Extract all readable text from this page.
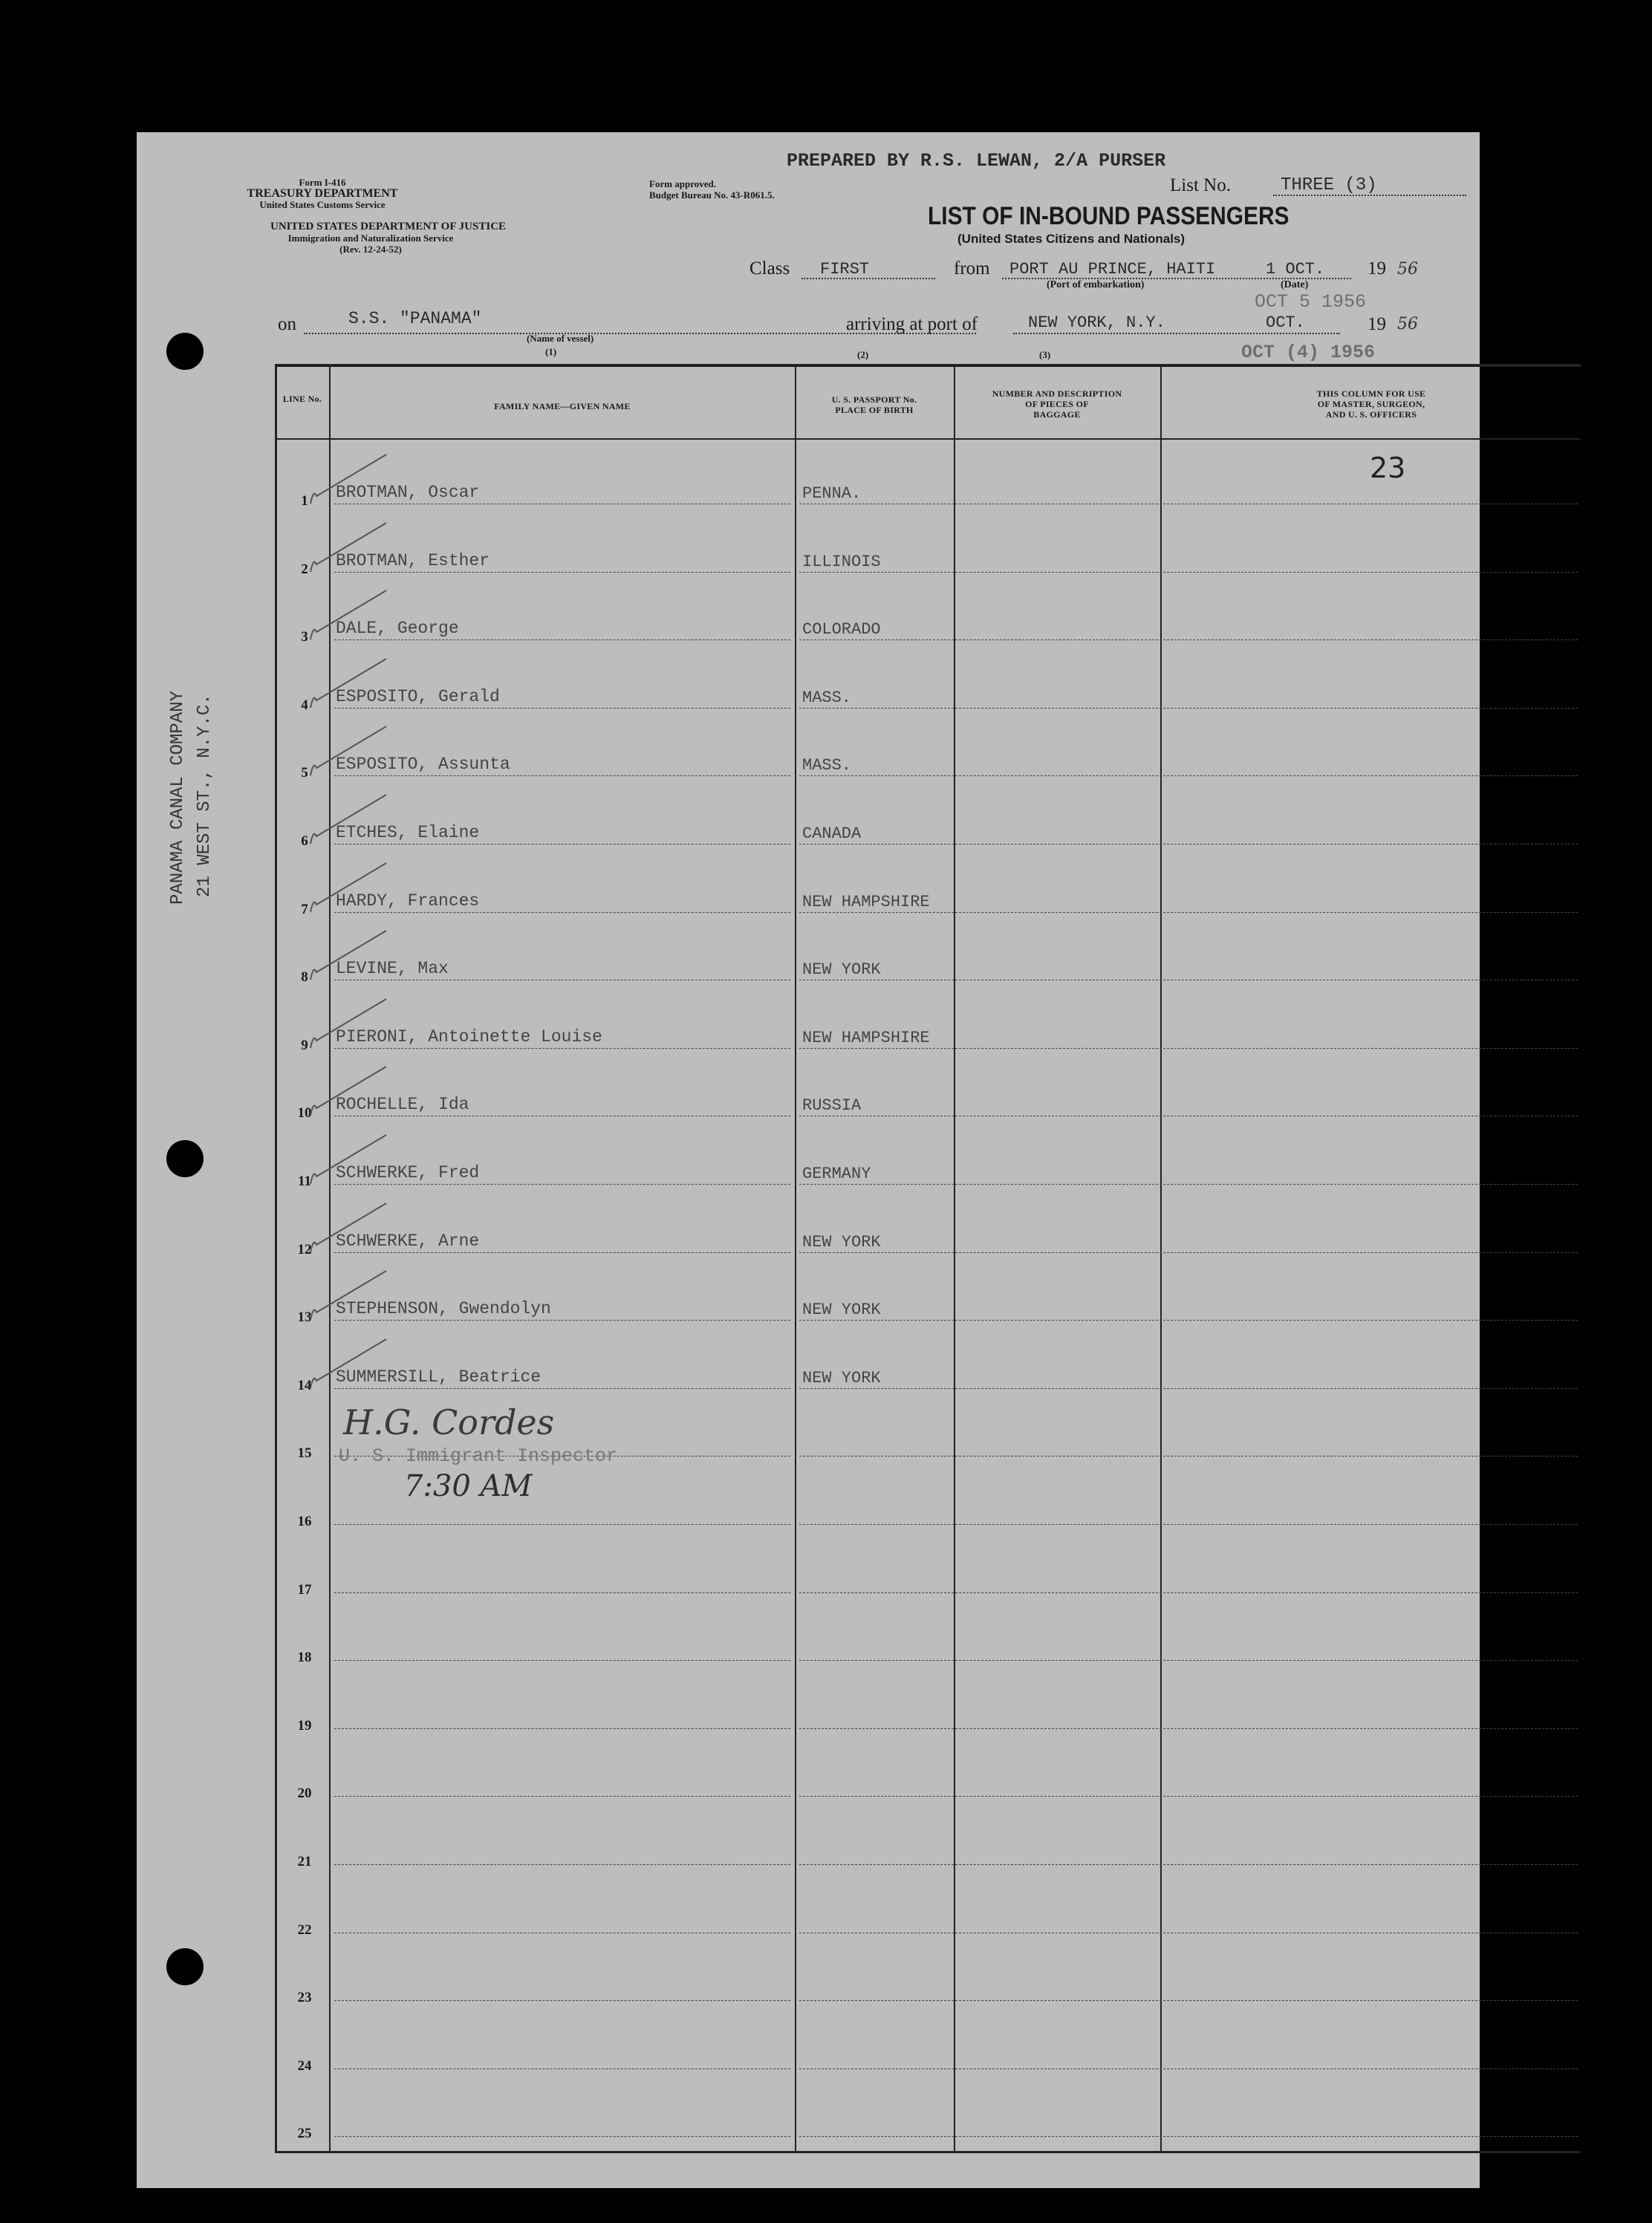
PANAMA CANAL COMPANY 21 WEST ST., N.Y.C.
PREPARED BY R.S. LEWAN, 2/A PURSER
Form I-416
TREASURY DEPARTMENT
United States Customs Service
UNITED STATES DEPARTMENT OF JUSTICE
Immigration and Naturalization Service
(Rev. 12-24-52)
Form approved.
Budget Bureau No. 43-R061.5.	List No.	THREE (3)
LIST OF IN-BOUND PASSENGERS
(United States Citizens and Nationals)
Class FIRST	from PORT AU PRINCE, HAITI
(Port of embarkation)
1 OCT.
(Date)
19 56
OCT 5 1956
on	S.S. "PANAMA"
(Name of vessel)
(1)
arriving at port of
(2)
NEW YORK, N.Y.
(3)
OCT.	19 56
OCT (4) 1956
LINE No.
FAMILY NAME—GIVEN NAME
U. S. PASSPORT No.
PLACE OF BIRTH
NUMBER AND DESCRIPTION
OF PIECES OF
BAGGAGE
THIS COLUMN FOR USE
OF MASTER, SURGEON,
AND U. S. OFFICERS
23
1	BROTMAN, Oscar	PENNA.
2	BROTMAN, Esther	ILLINOIS
3	DALE, George	COLORADO
4	ESPOSITO, Gerald	MASS.
5	ESPOSITO, Assunta	MASS.
6	ETCHES, Elaine	CANADA
7	HARDY, Frances	NEW HAMPSHIRE
8	LEVINE, Max	NEW YORK
9	PIERONI, Antoinette Louise	NEW HAMPSHIRE
10	ROCHELLE, Ida	RUSSIA
11	SCHWERKE, Fred	GERMANY
12	SCHWERKE, Arne	NEW YORK
13	STEPHENSON, Gwendolyn	NEW YORK
14	SUMMERSILL, Beatrice	NEW YORK
15
16
17
18
19
20
21
22
23
24
25
H.G. Cordes
U. S. Immigrant Inspector
7:30 AM
